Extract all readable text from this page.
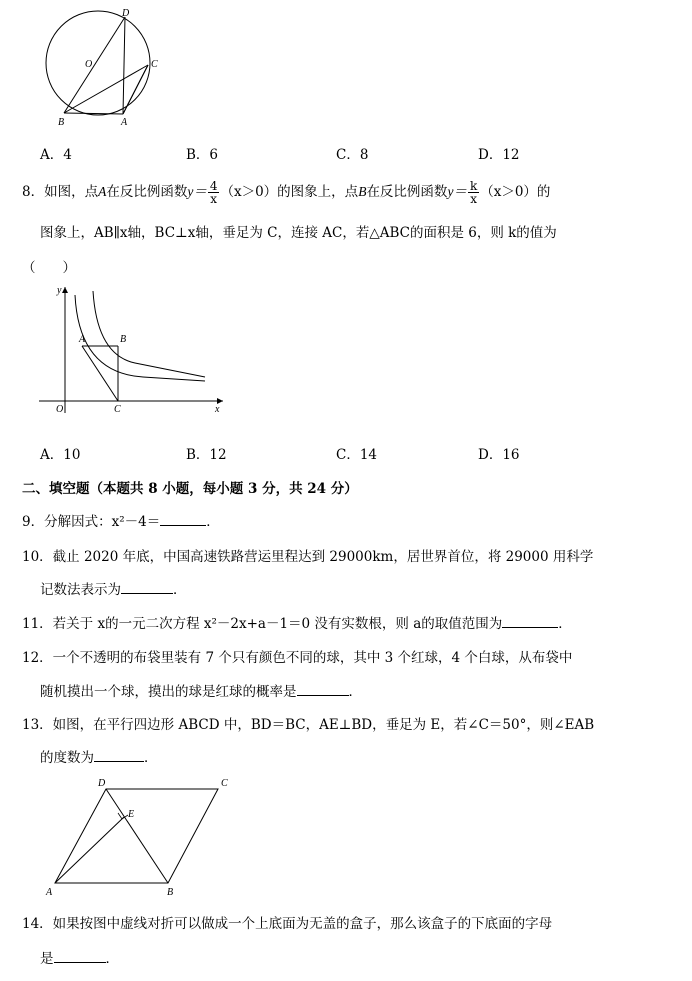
D
O	C
B	A
A．4	B．6	C．8	D．12
8．如图，点A在反比例函数$y= \frac{4}{x} (x>0)$的图象上，点B在反比例函数$y= \frac{k}{x} (x>0)$的
图象上，AB∥x轴，BC⊥x轴，垂足为 C，连接 AC，若△ABC的面积是 6，则 k的值为
（　　）
y
A	B
O	C	x
A．10	B．12	C．14	D．16
二、填空题（本题共 8 小题，每小题 3 分，共 24 分）
9．分解因式：x²－4＝	．
10．截止 2020 年底，中国高速铁路营运里程达到 29000km，居世界首位，将 29000 用科学
记数法表示为	．
11．若关于 x的一元二次方程 x²－2x+a－1＝0 没有实数根，则 a的取值范围为	．
12．一个不透明的布袋里装有 7 个只有颜色不同的球，其中 3 个红球，4 个白球，从布袋中
随机摸出一个球，摸出的球是红球的概率是	．
13．如图，在平行四边形 ABCD 中，BD＝BC，AE⊥BD，垂足为 E，若∠C＝50°，则∠EAB
的度数为	．
D	C
E
A	B
14．如果按图中虚线对折可以做成一个上底面为无盖的盒子，那么该盒子的下底面的字母
是	．
